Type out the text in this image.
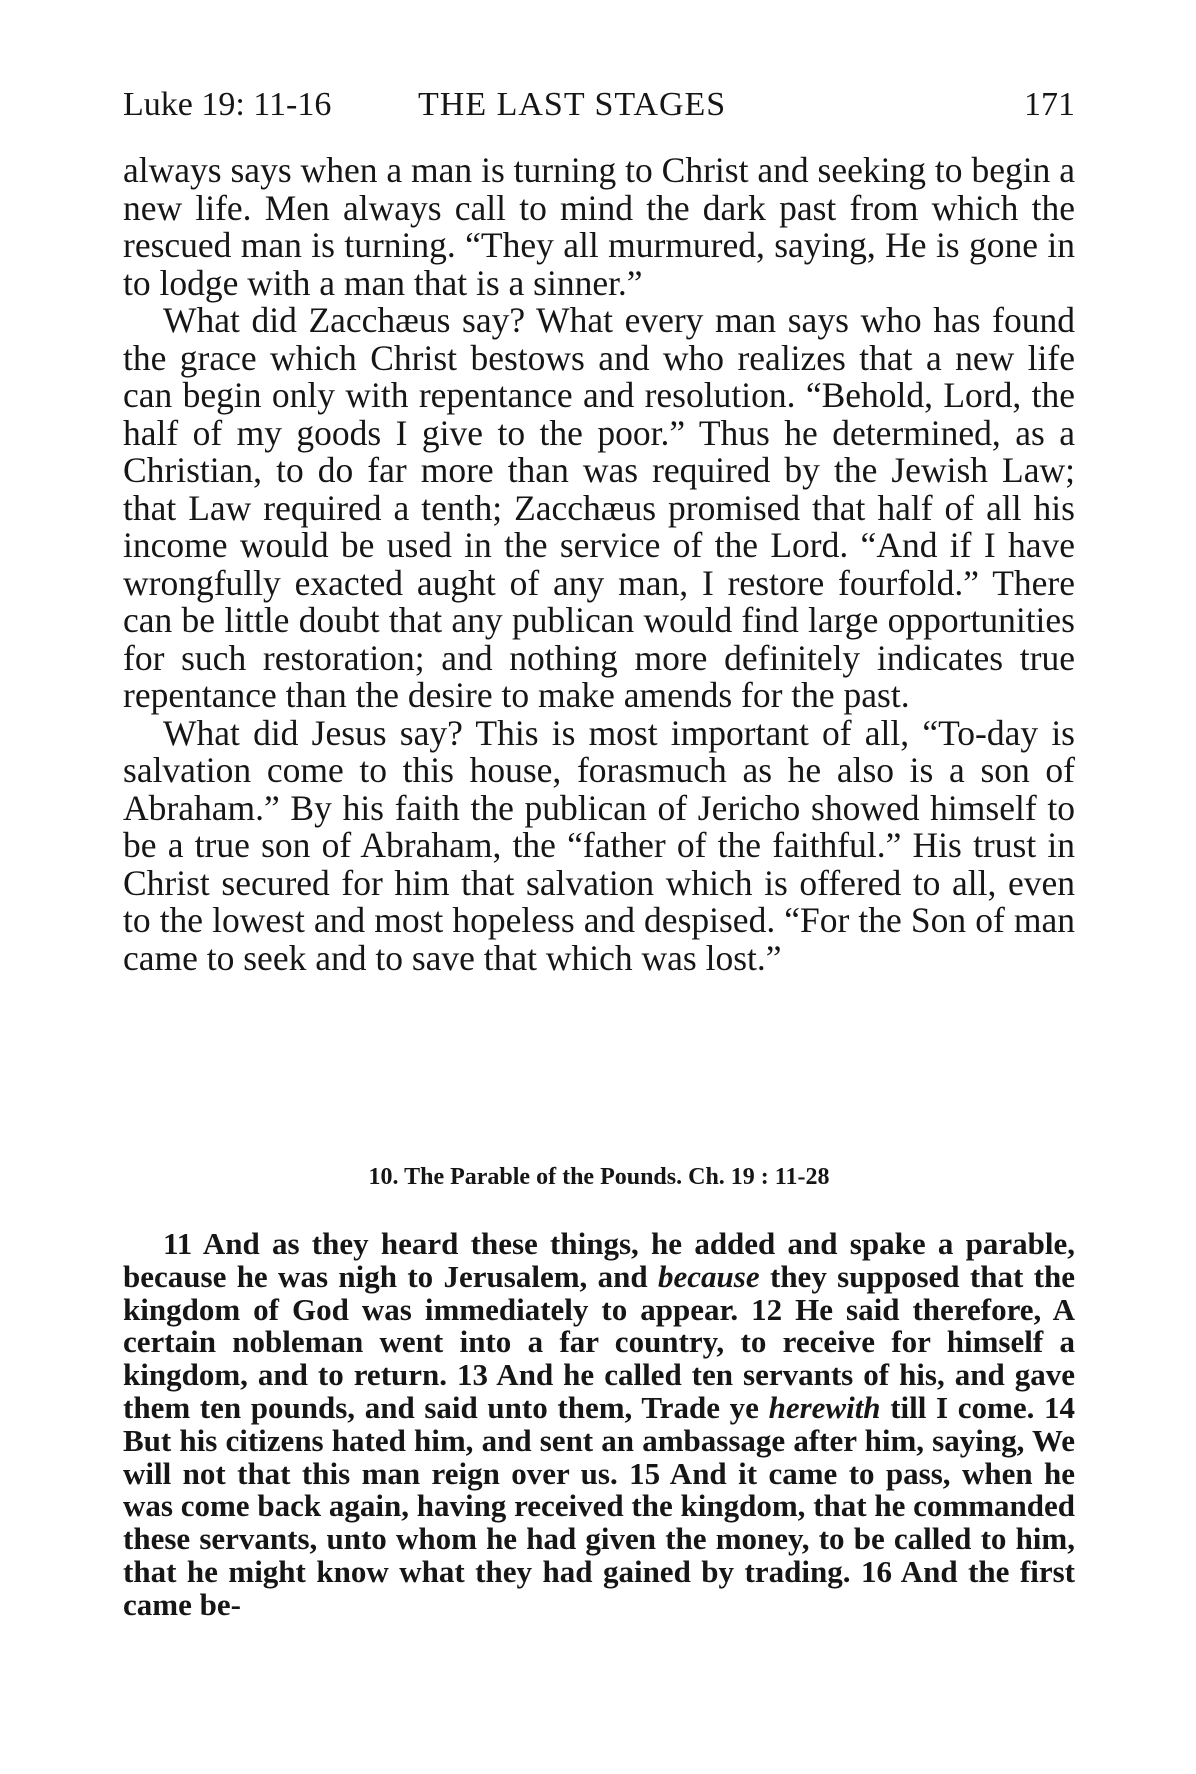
Luke 19: 11-16	THE LAST STAGES	171

always says when a man is turning to Christ and seeking to begin a new life. Men always call to mind the dark past from which the rescued man is turning. “They all murmured, saying, He is gone in to lodge with a man that is a sinner.”

What did Zacchæus say? What every man says who has found the grace which Christ bestows and who realizes that a new life can begin only with repentance and resolution. “Behold, Lord, the half of my goods I give to the poor.” Thus he determined, as a Christian, to do far more than was required by the Jewish Law; that Law required a tenth; Zacchæus promised that half of all his income would be used in the service of the Lord. “And if I have wrongfully exacted aught of any man, I restore fourfold.” There can be little doubt that any publican would find large opportunities for such restoration; and nothing more definitely indicates true repentance than the desire to make amends for the past.

What did Jesus say? This is most important of all, “To-day is salvation come to this house, forasmuch as he also is a son of Abraham.” By his faith the publican of Jericho showed himself to be a true son of Abraham, the “father of the faithful.” His trust in Christ secured for him that salvation which is offered to all, even to the lowest and most hopeless and despised. “For the Son of man came to seek and to save that which was lost.”

10. The Parable of the Pounds. Ch. 19 : 11-28

11 And as they heard these things, he added and spake a parable, because he was nigh to Jerusalem, and because they supposed that the kingdom of God was immediately to appear. 12 He said therefore, A certain nobleman went into a far country, to receive for himself a kingdom, and to return. 13 And he called ten servants of his, and gave them ten pounds, and said unto them, Trade ye herewith till I come. 14 But his citizens hated him, and sent an ambassage after him, saying, We will not that this man reign over us. 15 And it came to pass, when he was come back again, having received the kingdom, that he commanded these servants, unto whom he had given the money, to be called to him, that he might know what they had gained by trading. 16 And the first came be-
